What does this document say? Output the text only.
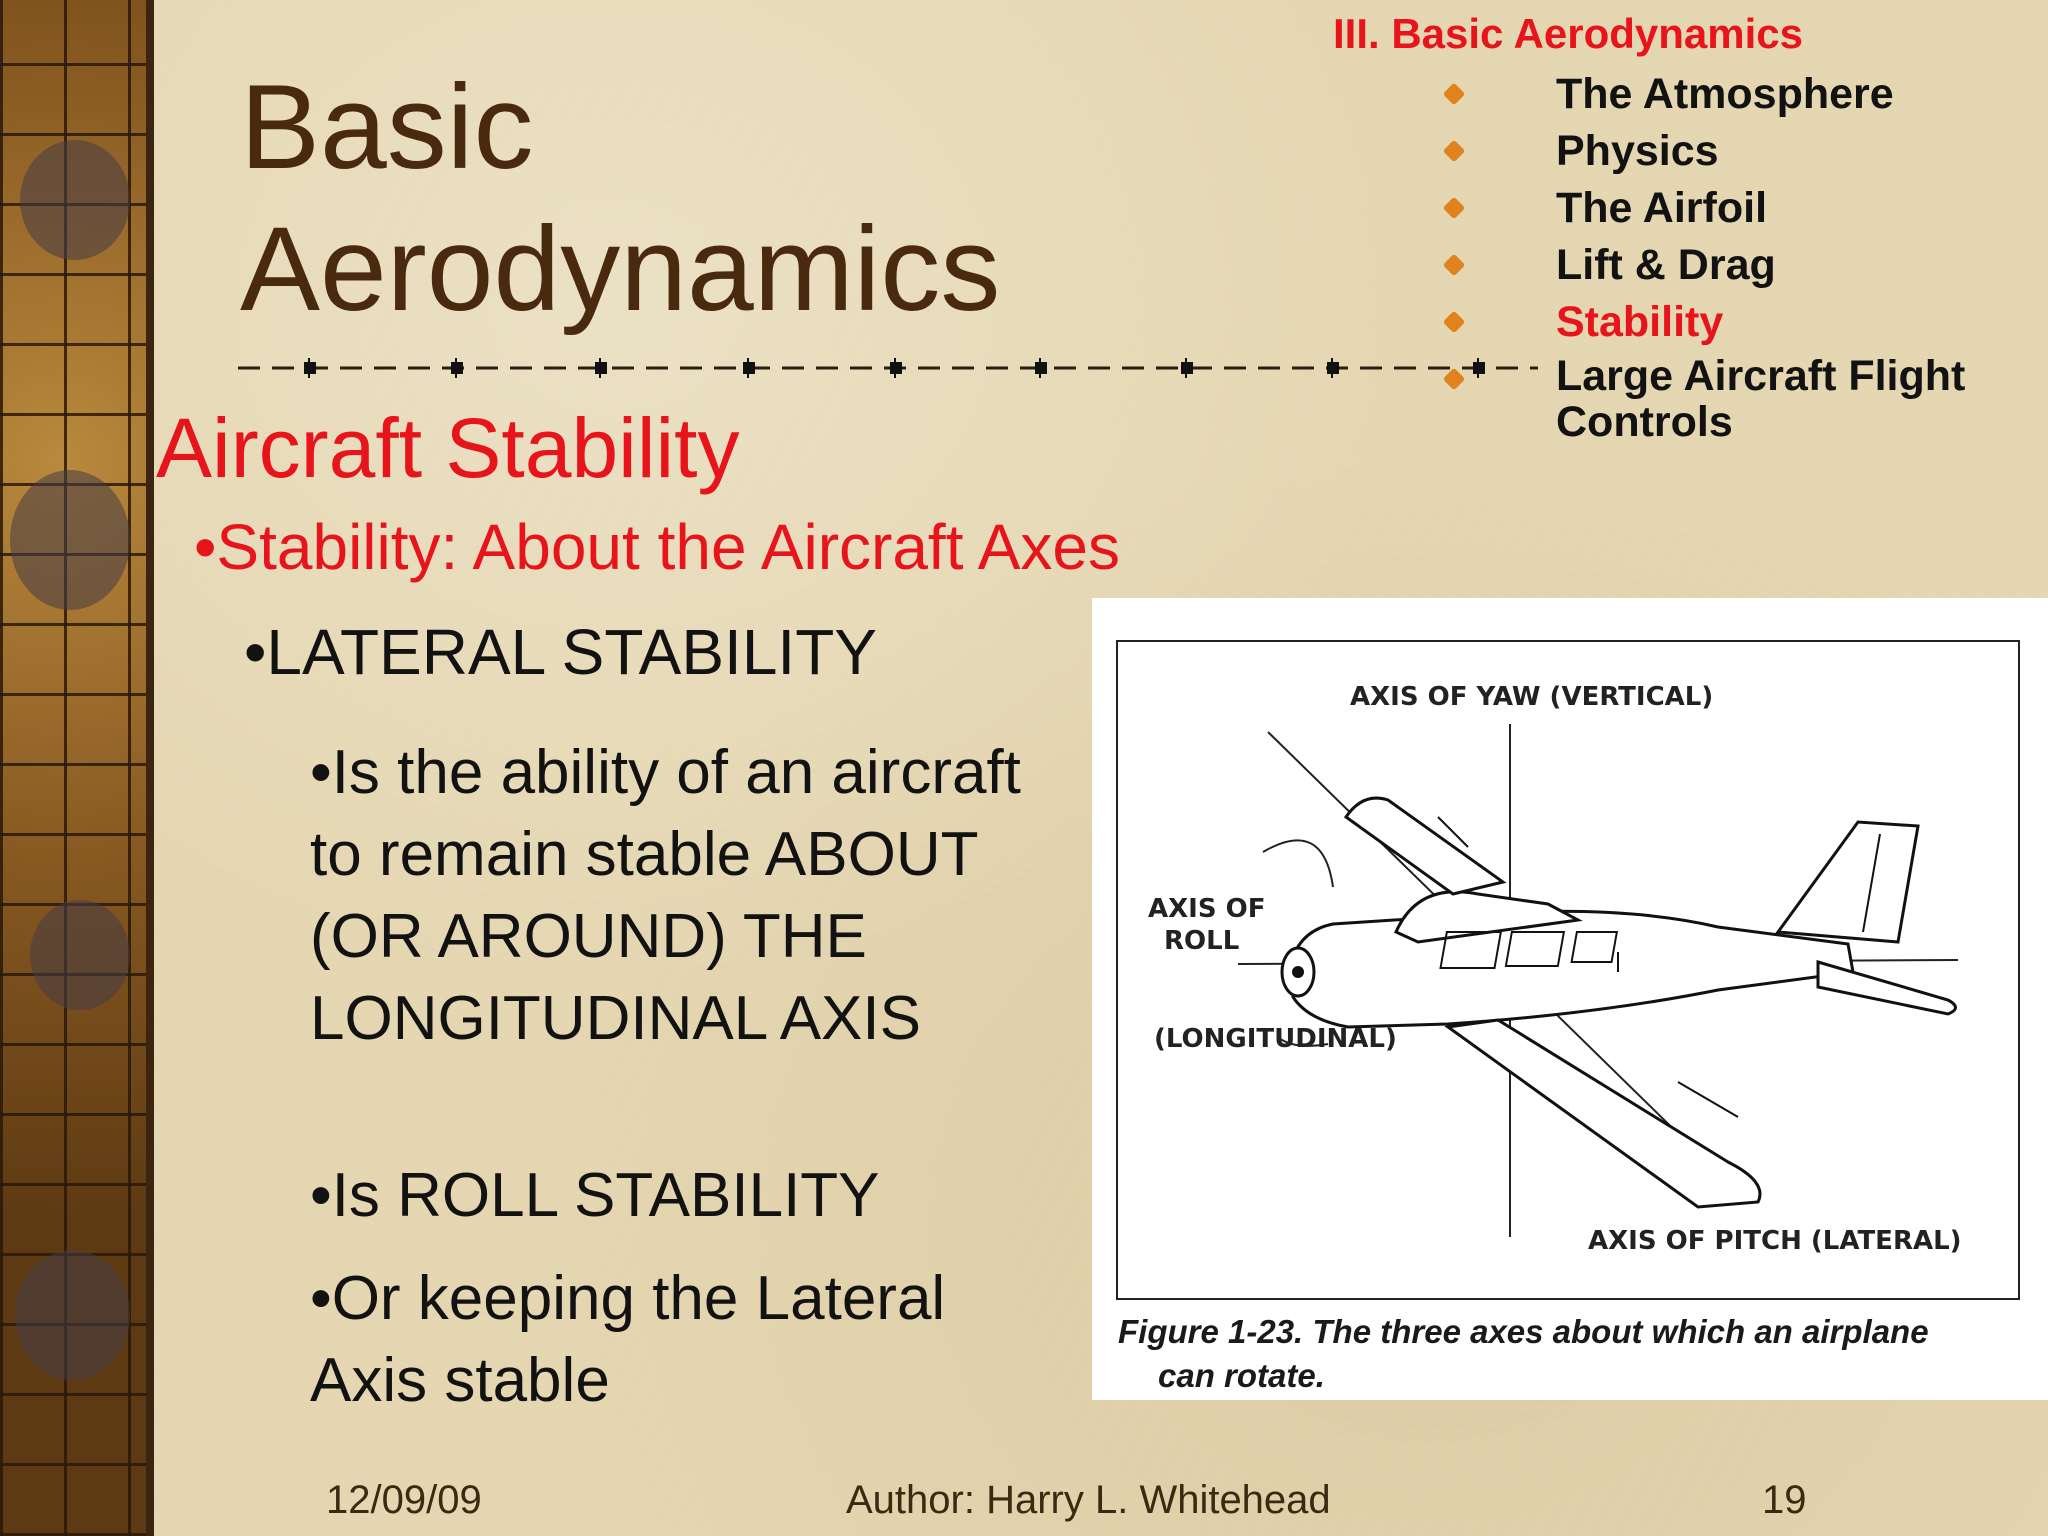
Basic
Aerodynamics
III. Basic Aerodynamics
The Atmosphere
Physics
The Airfoil
Lift & Drag
Stability
Large Aircraft Flight Controls
Aircraft Stability
•Stability: About the Aircraft Axes
•LATERAL STABILITY
•Is the ability of an aircraft to remain stable ABOUT (OR AROUND) THE LONGITUDINAL AXIS
•Is ROLL STABILITY
•Or keeping the Lateral Axis stable
AXIS OF YAW (VERTICAL)
AXIS OF
ROLL
(LONGITUDINAL)
AXIS OF PITCH (LATERAL)
Figure 1-23. The three axes about which an airplane
can rotate.
12/09/09	Author: Harry L. Whitehead	19
